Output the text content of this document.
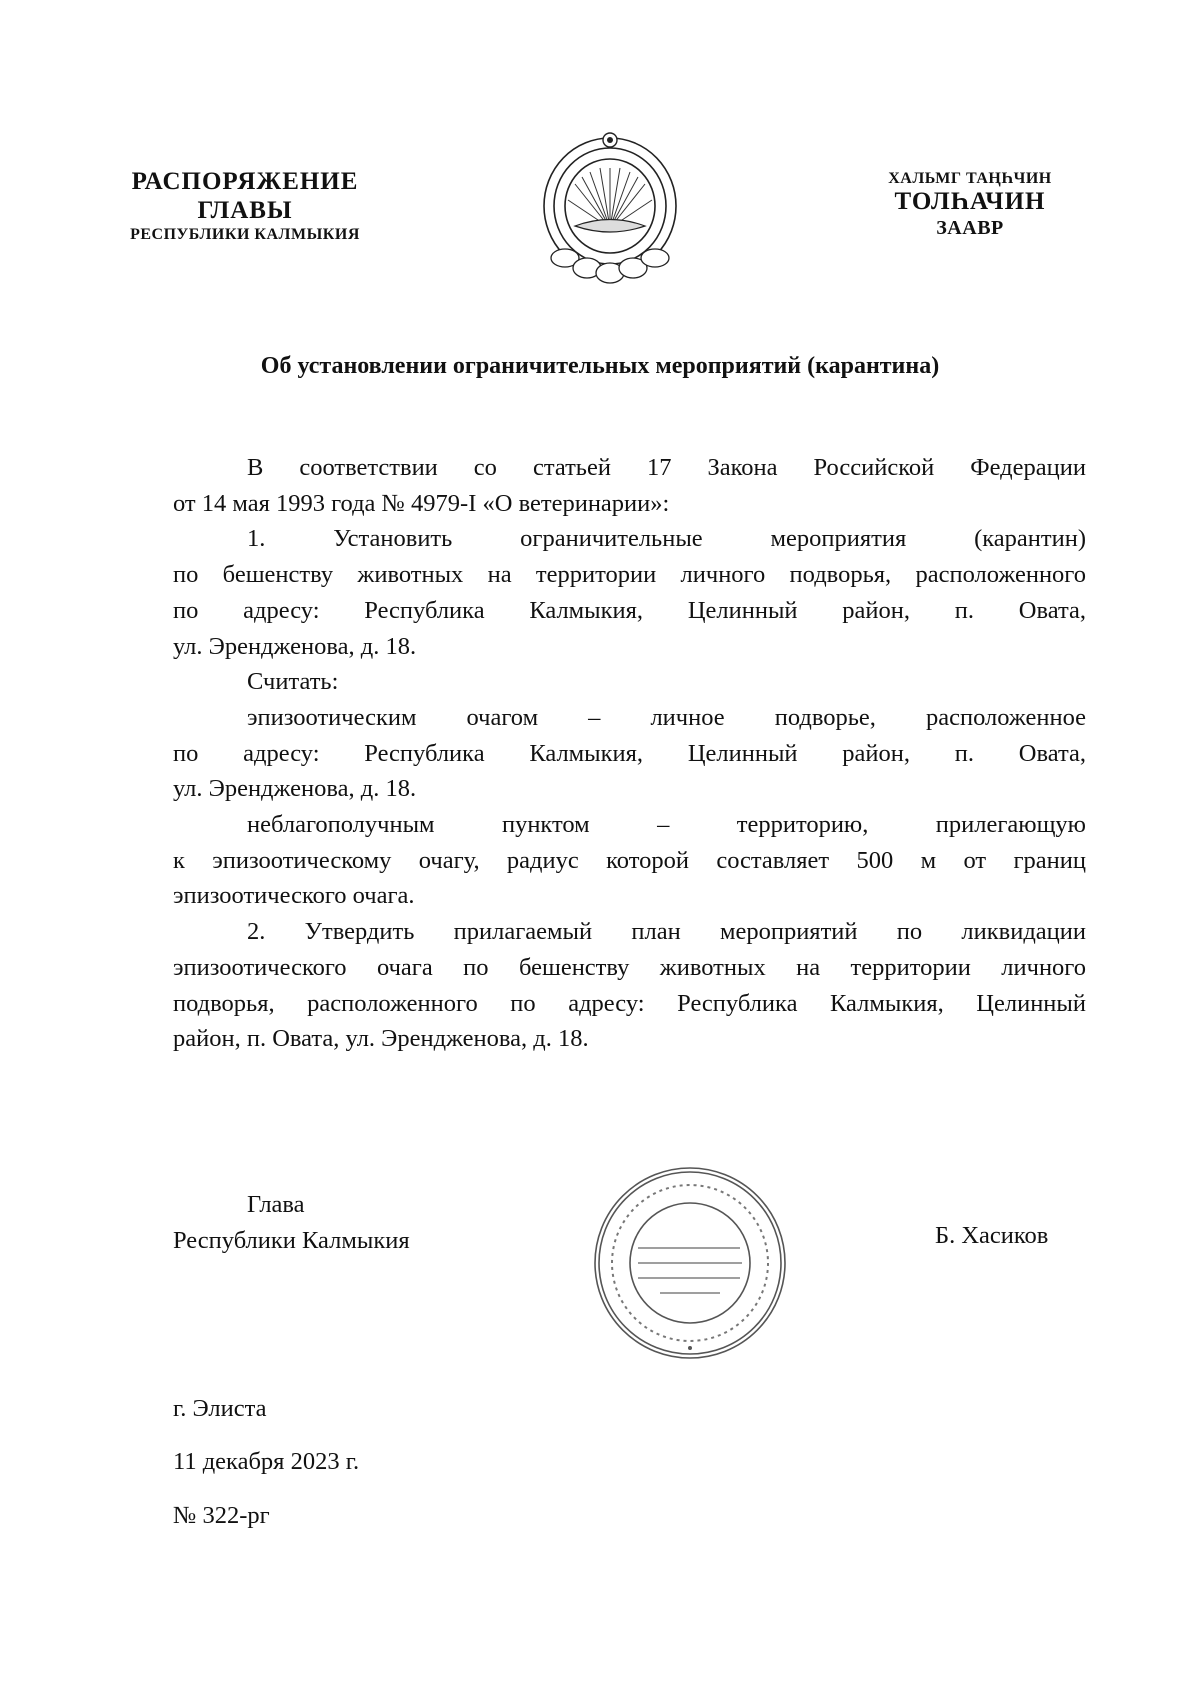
РАСПОРЯЖЕНИЕ
ГЛАВЫ
РЕСПУБЛИКИ КАЛМЫКИЯ
ХАЛЬМГ ТАҢҺЧИН
ТОЛҺАЧИН
ЗААВР
Об установлении ограничительных мероприятий (карантина)

В соответствии со статьей 17 Закона Российской Федерации

от 14 мая 1993 года № 4979-I «О ветеринарии»:

1. Установить ограничительные мероприятия (карантин)

по бешенству животных на территории личного подворья, расположенного

по адресу: Республика Калмыкия, Целинный район, п. Овата,

ул. Эрендженова, д. 18.

Считать:

эпизоотическим очагом – личное подворье, расположенное

по адресу: Республика Калмыкия, Целинный район, п. Овата,

ул. Эрендженова, д. 18.

неблагополучным пунктом – территорию, прилегающую

к эпизоотическому очагу, радиус которой составляет 500 м от границ

эпизоотического очага.

2. Утвердить прилагаемый план мероприятий по ликвидации

эпизоотического очага по бешенству животных на территории личного

подворья, расположенного по адресу: Республика Калмыкия, Целинный

район, п. Овата, ул. Эрендженова, д. 18.

Глава
Республики Калмыкия	Б. Хасиков
г. Элиста
11 декабря 2023 г.
№ 322-рг
